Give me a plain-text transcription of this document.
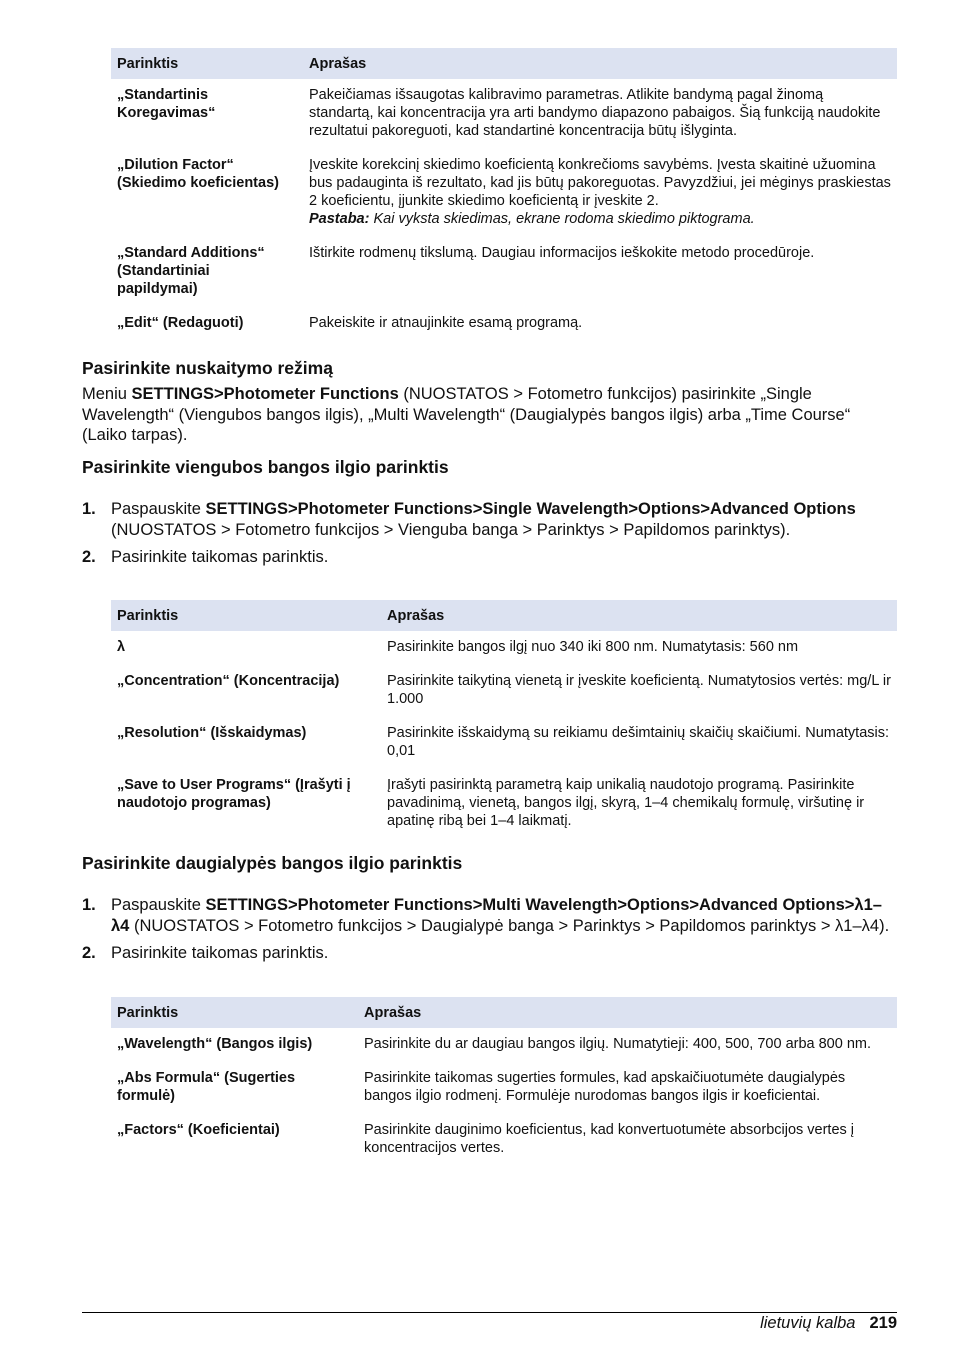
Parinktis	Aprašas
„Standartinis Koregavimas“	Pakeičiamas išsaugotas kalibravimo parametras. Atlikite bandymą pagal žinomą standartą, kai koncentracija yra arti bandymo diapazono pabaigos. Šią funkciją naudokite rezultatui pakoreguoti, kad standartinė koncentracija būtų išlyginta.
„Dilution Factor“ (Skiedimo koeficientas)	Įveskite korekcinį skiedimo koeficientą konkrečioms savybėms. Įvesta skaitinė užuomina bus padauginta iš rezultato, kad jis būtų pakoreguotas. Pavyzdžiui, jei mėginys praskiestas 2 koeficientu, įjunkite skiedimo koeficientą ir įveskite 2.
Pastaba: Kai vyksta skiedimas, ekrane rodoma skiedimo piktograma.
„Standard Additions“ (Standartiniai papildymai)	Ištirkite rodmenų tikslumą. Daugiau informacijos ieškokite metodo procedūroje.
„Edit“ (Redaguoti)	Pakeiskite ir atnaujinkite esamą programą.
Pasirinkite nuskaitymo režimą

Meniu SETTINGS>Photometer Functions (NUOSTATOS > Fotometro funkcijos) pasirinkite „Single Wavelength“ (Viengubos bangos ilgis), „Multi Wavelength“ (Daugialypės bangos ilgis) arba „Time Course“ (Laiko tarpas).

Pasirinkite viengubos bangos ilgio parinktis
1. Paspauskite SETTINGS>Photometer Functions>Single Wavelength>Options>Advanced Options (NUOSTATOS > Fotometro funkcijos > Vienguba banga > Parinktys > Papildomos parinktys).
2. Pasirinkite taikomas parinktis.
Parinktis	Aprašas
λ	Pasirinkite bangos ilgį nuo 340 iki 800 nm. Numatytasis: 560 nm
„Concentration“ (Koncentracija)	Pasirinkite taikytiną vienetą ir įveskite koeficientą. Numatytosios vertės: mg/L ir 1.000
„Resolution“ (Išskaidymas)	Pasirinkite išskaidymą su reikiamu dešimtainių skaičių skaičiumi. Numatytasis: 0,01
„Save to User Programs“ (Įrašyti į naudotojo programas)	Įrašyti pasirinktą parametrą kaip unikalią naudotojo programą. Pasirinkite pavadinimą, vienetą, bangos ilgį, skyrą, 1–4 chemikalų formulę, viršutinę ir apatinę ribą bei 1–4 laikmatį.
Pasirinkite daugialypės bangos ilgio parinktis
1. Paspauskite SETTINGS>Photometer Functions>Multi Wavelength>Options>Advanced Options>λ1–λ4 (NUOSTATOS > Fotometro funkcijos > Daugialypė banga > Parinktys > Papildomos parinktys > λ1–λ4).
2. Pasirinkite taikomas parinktis.
Parinktis	Aprašas
„Wavelength“ (Bangos ilgis)	Pasirinkite du ar daugiau bangos ilgių. Numatytieji: 400, 500, 700 arba 800 nm.
„Abs Formula“ (Sugerties formulė)	Pasirinkite taikomas sugerties formules, kad apskaičiuotumėte daugialypės bangos ilgio rodmenį. Formulėje nurodomas bangos ilgis ir koeficientai.
„Factors“ (Koeficientai)	Pasirinkite dauginimo koeficientus, kad konvertuotumėte absorbcijos vertes į koncentracijos vertes.
lietuvių kalba 219
